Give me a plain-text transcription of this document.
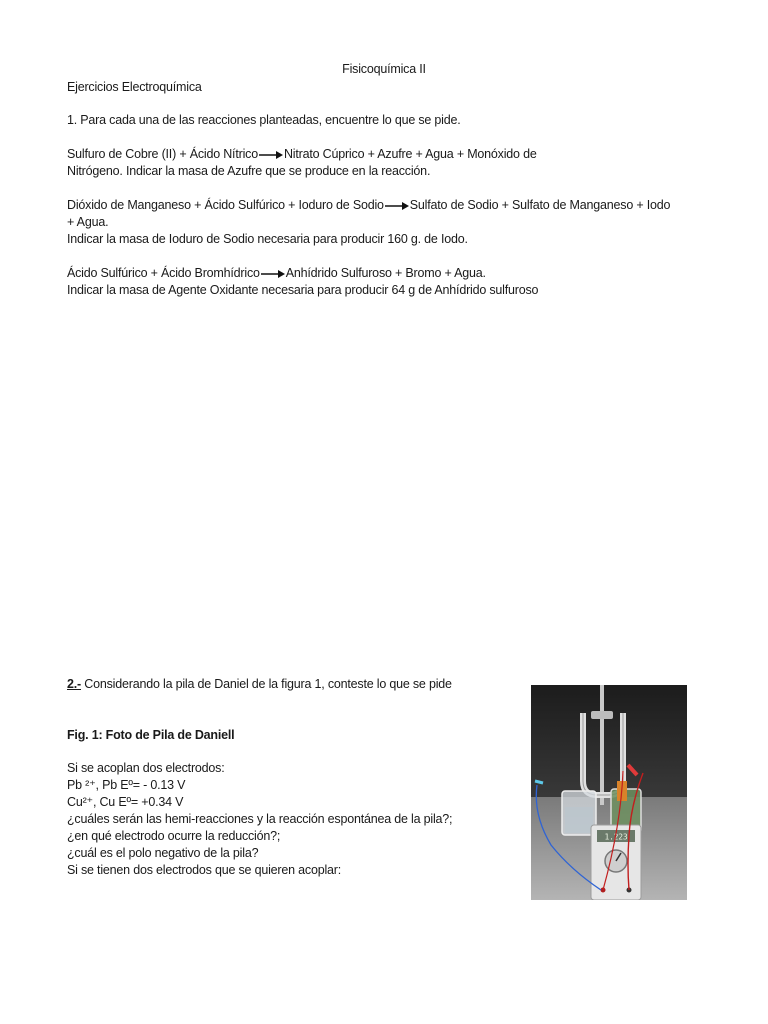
Fisicoquímica II
Ejercicios Electroquímica
1. Para cada una de las reacciones planteadas, encuentre lo que se pide.
Sulfuro de Cobre (II) + Ácido Nítrico Nitrato Cúprico + Azufre + Agua + Monóxido de
Nitrógeno. Indicar la masa de Azufre que se produce en la reacción.
Dióxido de Manganeso + Ácido Sulfúrico + Ioduro de Sodio Sulfato de Sodio + Sulfato de Manganeso + Iodo
+ Agua.
Indicar la masa de Ioduro de Sodio necesaria para producir 160 g. de Iodo.
Ácido Sulfúrico + Ácido Bromhídrico Anhídrido Sulfuroso + Bromo + Agua.
Indicar la masa de Agente Oxidante necesaria para producir 64 g de Anhídrido sulfuroso
2.- Considerando la pila de Daniel de la figura 1, conteste lo que se pide
Fig. 1: Foto de Pila de Daniell
Si se acoplan dos electrodos:
Pb ²⁺, Pb Eº= - 0.13 V
Cu²⁺, Cu Eº= +0.34 V
¿cuáles serán las hemi-reacciones y la reacción espontánea de la pila?;
¿en qué electrodo ocurre la reducción?;
¿cuál es el polo negativo de la pila?
Si se tienen dos electrodos que se quieren acoplar:
1.223
